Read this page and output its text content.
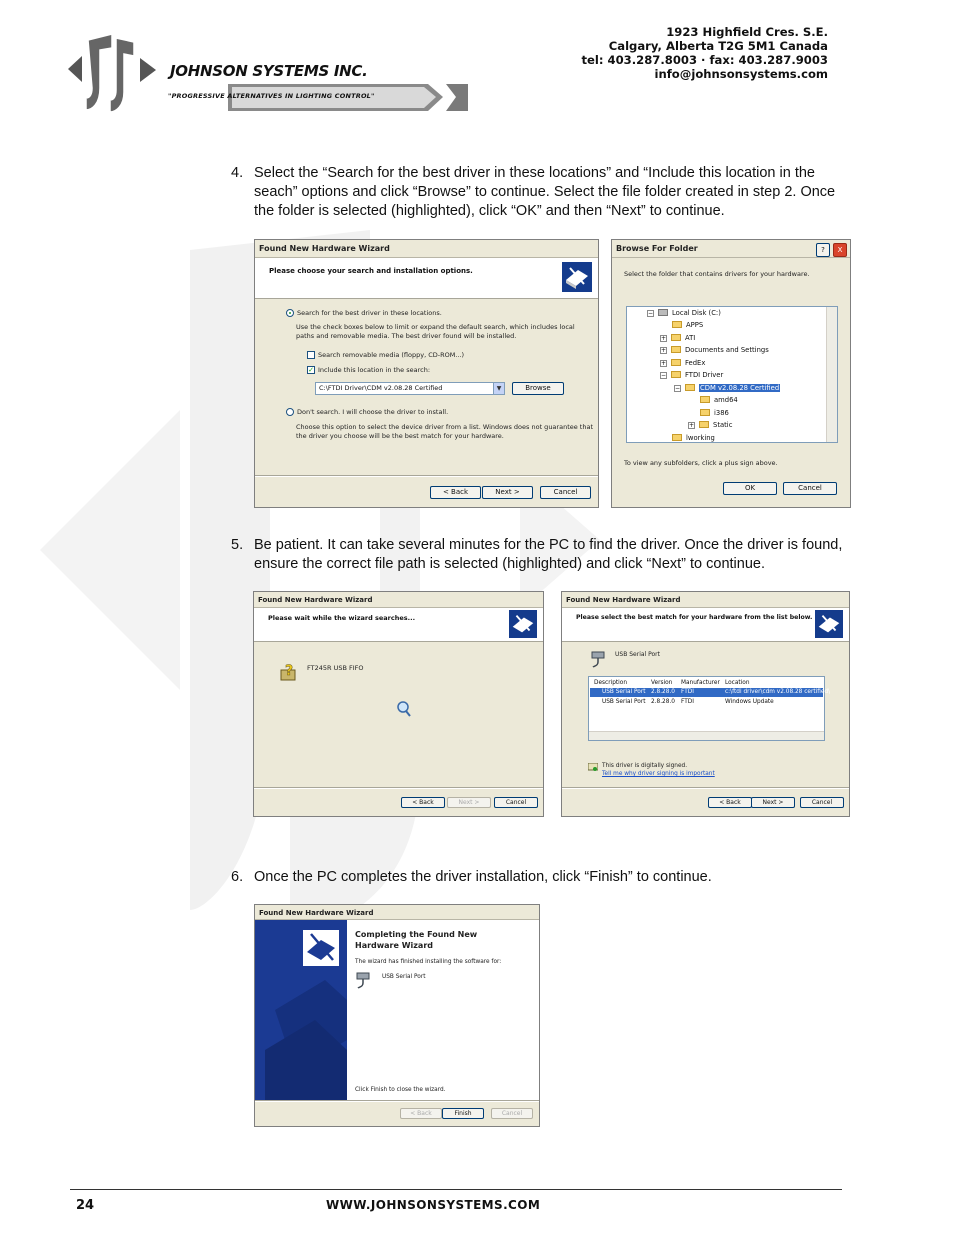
JOHNSON SYSTEMS INC.
"PROGRESSIVE ALTERNATIVES IN LIGHTING CONTROL"
1923 Highfield Cres. S.E.
Calgary, Alberta T2G 5M1 Canada
tel: 403.287.8003 · fax: 403.287.9003
info@johnsonsystems.com
4. Select the “Search for the best driver in these locations” and “Include this location in the seach” options and click “Browse” to continue. Select the file folder created in step 2. Once the folder is selected (highlighted), click “OK” and then “Next” to continue.
Found New Hardware Wizard
Please choose your search and installation options.
Search for the best driver in these locations.
Use the check boxes below to limit or expand the default search, which includes local
paths and removable media. The best driver found will be installed.
Search removable media (floppy, CD-ROM...)
✓ Include this location in the search:
C:\FTDI Driver\CDM v2.08.28 Certified	▼	Browse
Don't search. I will choose the driver to install.
Choose this option to select the device driver from a list. Windows does not guarantee that
the driver you choose will be the best match for your hardware.
< Back	Next >	Cancel
Browse For Folder	?	X
Select the folder that contains drivers for your hardware.
−	Local Disk (C:)
APPS
+	ATI
+	Documents and Settings
+	FedEx
−	FTDI Driver
−	CDM v2.08.28 Certified
amd64
i386
+	Static
lworking
To view any subfolders, click a plus sign above.
OK	Cancel
5. Be patient. It can take several minutes for the PC to find the driver. Once the driver is found, ensure the correct file path is selected (highlighted) and click “Next” to continue.
Found New Hardware Wizard
Please wait while the wizard searches...
? FT245R USB FIFO
< Back	Next >	Cancel
Found New Hardware Wizard
Please select the best match for your hardware from the list below.
USB Serial Port
Description	Version Manufacturer Location
USB Serial Port 2.8.28.0 FTDI	c:\ftdi driver\cdm v2.08.28 certified\
USB Serial Port 2.8.28.0 FTDI	Windows Update
This driver is digitally signed.
Tell me why driver signing is important
< Back	Next >	Cancel
6. Once the PC completes the driver installation, click “Finish” to continue.
Found New Hardware Wizard
Completing the Found New
Hardware Wizard
The wizard has finished installing the software for:
USB Serial Port
Click Finish to close the wizard.
< Back	Finish	Cancel
24	WWW.JOHNSONSYSTEMS.COM
